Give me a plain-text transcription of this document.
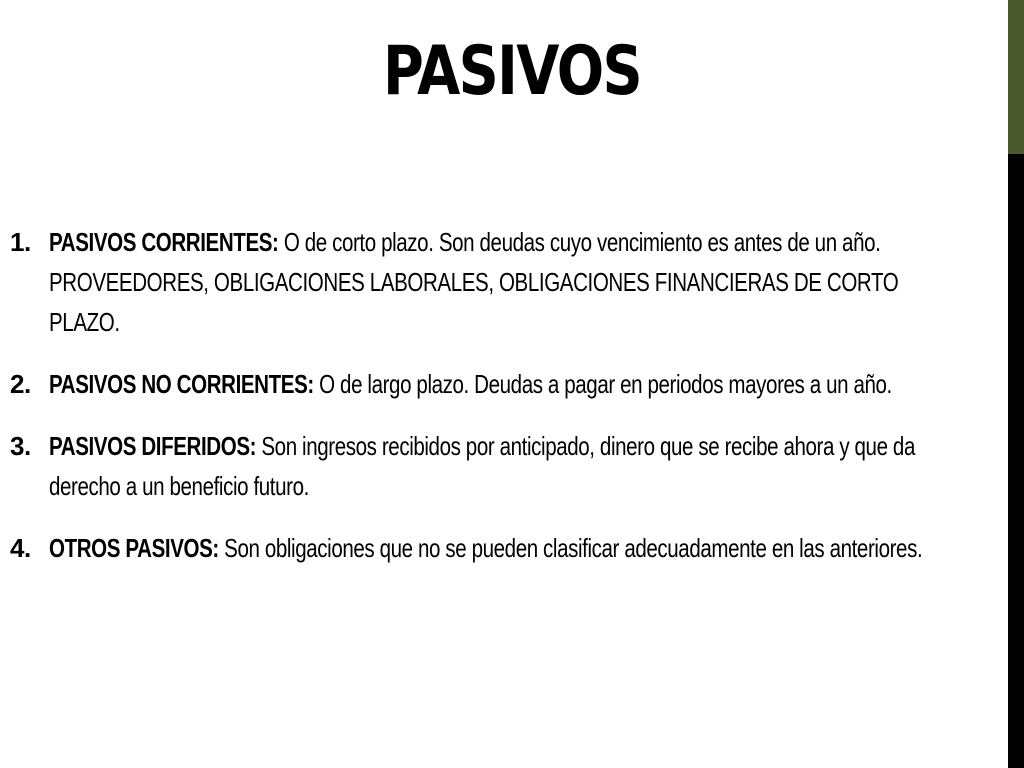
PASIVOS
1. PASIVOS CORRIENTES: O de corto plazo. Son deudas cuyo vencimiento es antes de un año. PROVEEDORES, OBLIGACIONES LABORALES, OBLIGACIONES FINANCIERAS DE CORTO PLAZO.
2. PASIVOS NO CORRIENTES: O de largo plazo. Deudas a pagar en periodos mayores a un año.
3. PASIVOS DIFERIDOS: Son ingresos recibidos por anticipado, dinero que se recibe ahora y que da derecho a un beneficio futuro.
4. OTROS PASIVOS: Son obligaciones que no se pueden clasificar adecuadamente en las anteriores.
